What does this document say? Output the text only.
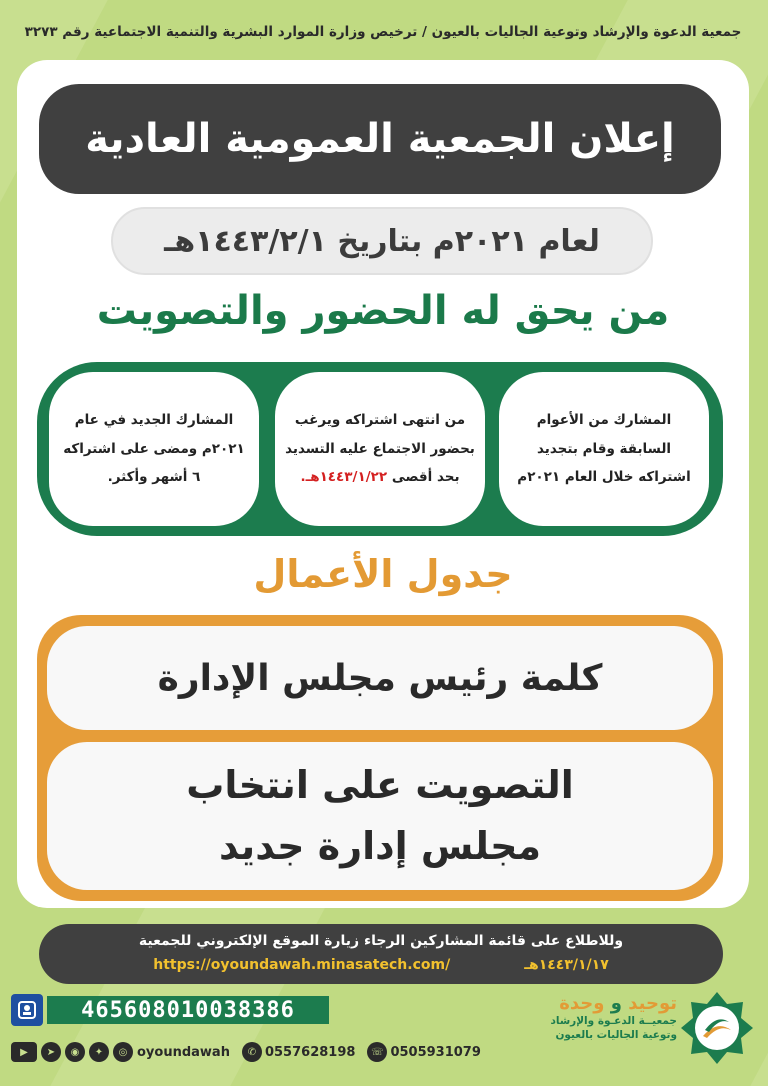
جمعية الدعوة والإرشاد وتوعية الجاليات بالعيون / ترخيص وزارة الموارد البشرية والتنمية الاجتماعية رقم ٣٢٧٣
إعلان الجمعية العمومية العادية
لعام ٢٠٢١م بتاريخ ١٤٤٣/٢/١هـ
من يحق له الحضور والتصويت
المشارك من الأعوام السابقة وقام بتجديد اشتراكه خلال العام ٢٠٢١م
من انتهى اشتراكه ويرغب بحضور الاجتماع عليه التسديد بحد أقصى ١٤٤٣/١/٢٢هـ.
المشارك الجديد في عام ٢٠٢١م ومضى على اشتراكه ٦ أشهر وأكثر.
جدول الأعمال
كلمة رئيس مجلس الإدارة
التصويت على انتخاب
مجلس إدارة جديد
وللاطلاع على قائمة المشاركين الرجاء زيارة الموقع الإلكتروني للجمعية
١٤٤٣/١/١٧هـ
https://oyoundawah.minasatech.com/
465608010038386
▶	➤	◉	✦	◎ oyoundawah	✆ 0557628198	☏ 0505931079
توحيد و وحدة
جمعيــة الدعـوة والإرشاد
وتوعية الجاليات بالعيون
